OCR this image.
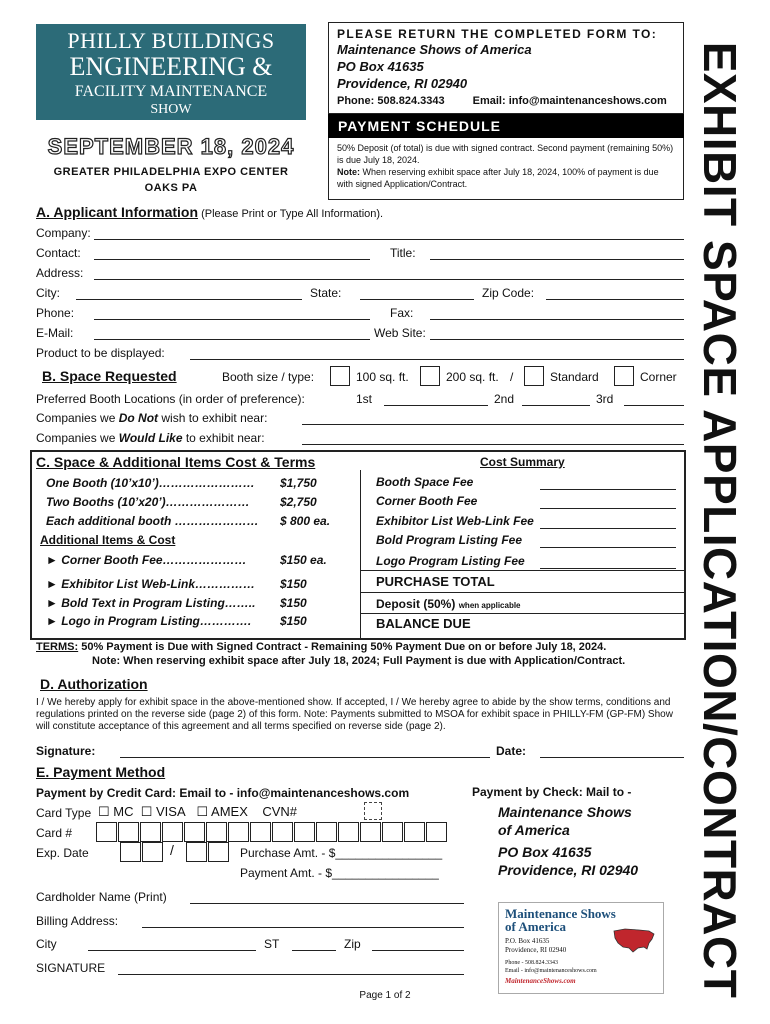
PHILLY BUILDINGS
ENGINEERING &
FACILITY MAINTENANCE
SHOW
SEPTEMBER 18, 2024
GREATER PHILADELPHIA EXPO CENTER
OAKS PA
PLEASE RETURN THE COMPLETED FORM TO:
Maintenance Shows of America
PO Box 41635
Providence, RI 02940
Phone: 508.824.3343	Email: info@maintenanceshows.com
PAYMENT SCHEDULE
50% Deposit (of total) is due with signed contract. Second payment (remaining 50%) is due July 18, 2024.
Note: When reserving exhibit space after July 18, 2024, 100% of payment is due with signed Application/Contract.	EXHIBIT SPACE APPLICATION/CONTRACT
A. Applicant Information (Please Print or Type All Information).
Company:
Contact:	Title:
Address:
City:	State:	Zip Code:
Phone:	Fax:
E-Mail:	Web Site:
Product to be displayed:
B. Space Requested	Booth size / type:	100 sq. ft.	200 sq. ft. /	Standard	Corner
Preferred Booth Locations (in order of preference):	1st	2nd	3rd
Companies we Do Not wish to exhibit near:
Companies we Would Like to exhibit near:
C. Space & Additional Items Cost & Terms	Cost Summary
One Booth (10’x10’)…………………… $1,750
Two Booths (10’x20’)…………………	$2,750
Each additional booth ………………… $ 800 ea.
Additional Items & Cost
► Corner Booth Fee…………………	$150 ea.
► Exhibitor List Web-Link…………… $150
► Bold Text in Program Listing…….. $150
► Logo in Program Listing…………. $150
Booth Space Fee
Corner Booth Fee
Exhibitor List Web-Link Fee
Bold Program Listing Fee
Logo Program Listing Fee
PURCHASE TOTAL
Deposit (50%) when applicable
BALANCE DUE
TERMS: 50% Payment is Due with Signed Contract - Remaining 50% Payment Due on or before July 18, 2024.
Note: When reserving exhibit space after July 18, 2024; Full Payment is due with Application/Contract.
D. Authorization
I / We hereby apply for exhibit space in the above-mentioned show. If accepted, I / We hereby agree to abide by the show terms, conditions and regulations printed on the reverse side (page 2) of this form. Note: Payments submitted to MSOA for exhibit space in PHILLY-FM (GP-FM) Show will constitute acceptance of this agreement and all terms specified on reverse side (page 2).
Signature:	Date:
E. Payment Method
Payment by Credit Card: Email to - info@maintenanceshows.com
Card Type ☐ MC ☐ VISA ☐ AMEX CVN#
Card #
Exp. Date	/	Purchase Amt. - $________________
Payment Amt. - $________________
Payment by Check: Mail to -
Maintenance Shows
of America
PO Box 41635
Providence, RI 02940
Cardholder Name (Print)
Billing Address:
City	ST	Zip
SIGNATURE
Maintenance Shows
of America
P.O. Box 41635
Providence, RI 02940
Phone - 508.824.3343
Email - info@maintenanceshows.com
MaintenanceShows.com
Page 1 of 2
